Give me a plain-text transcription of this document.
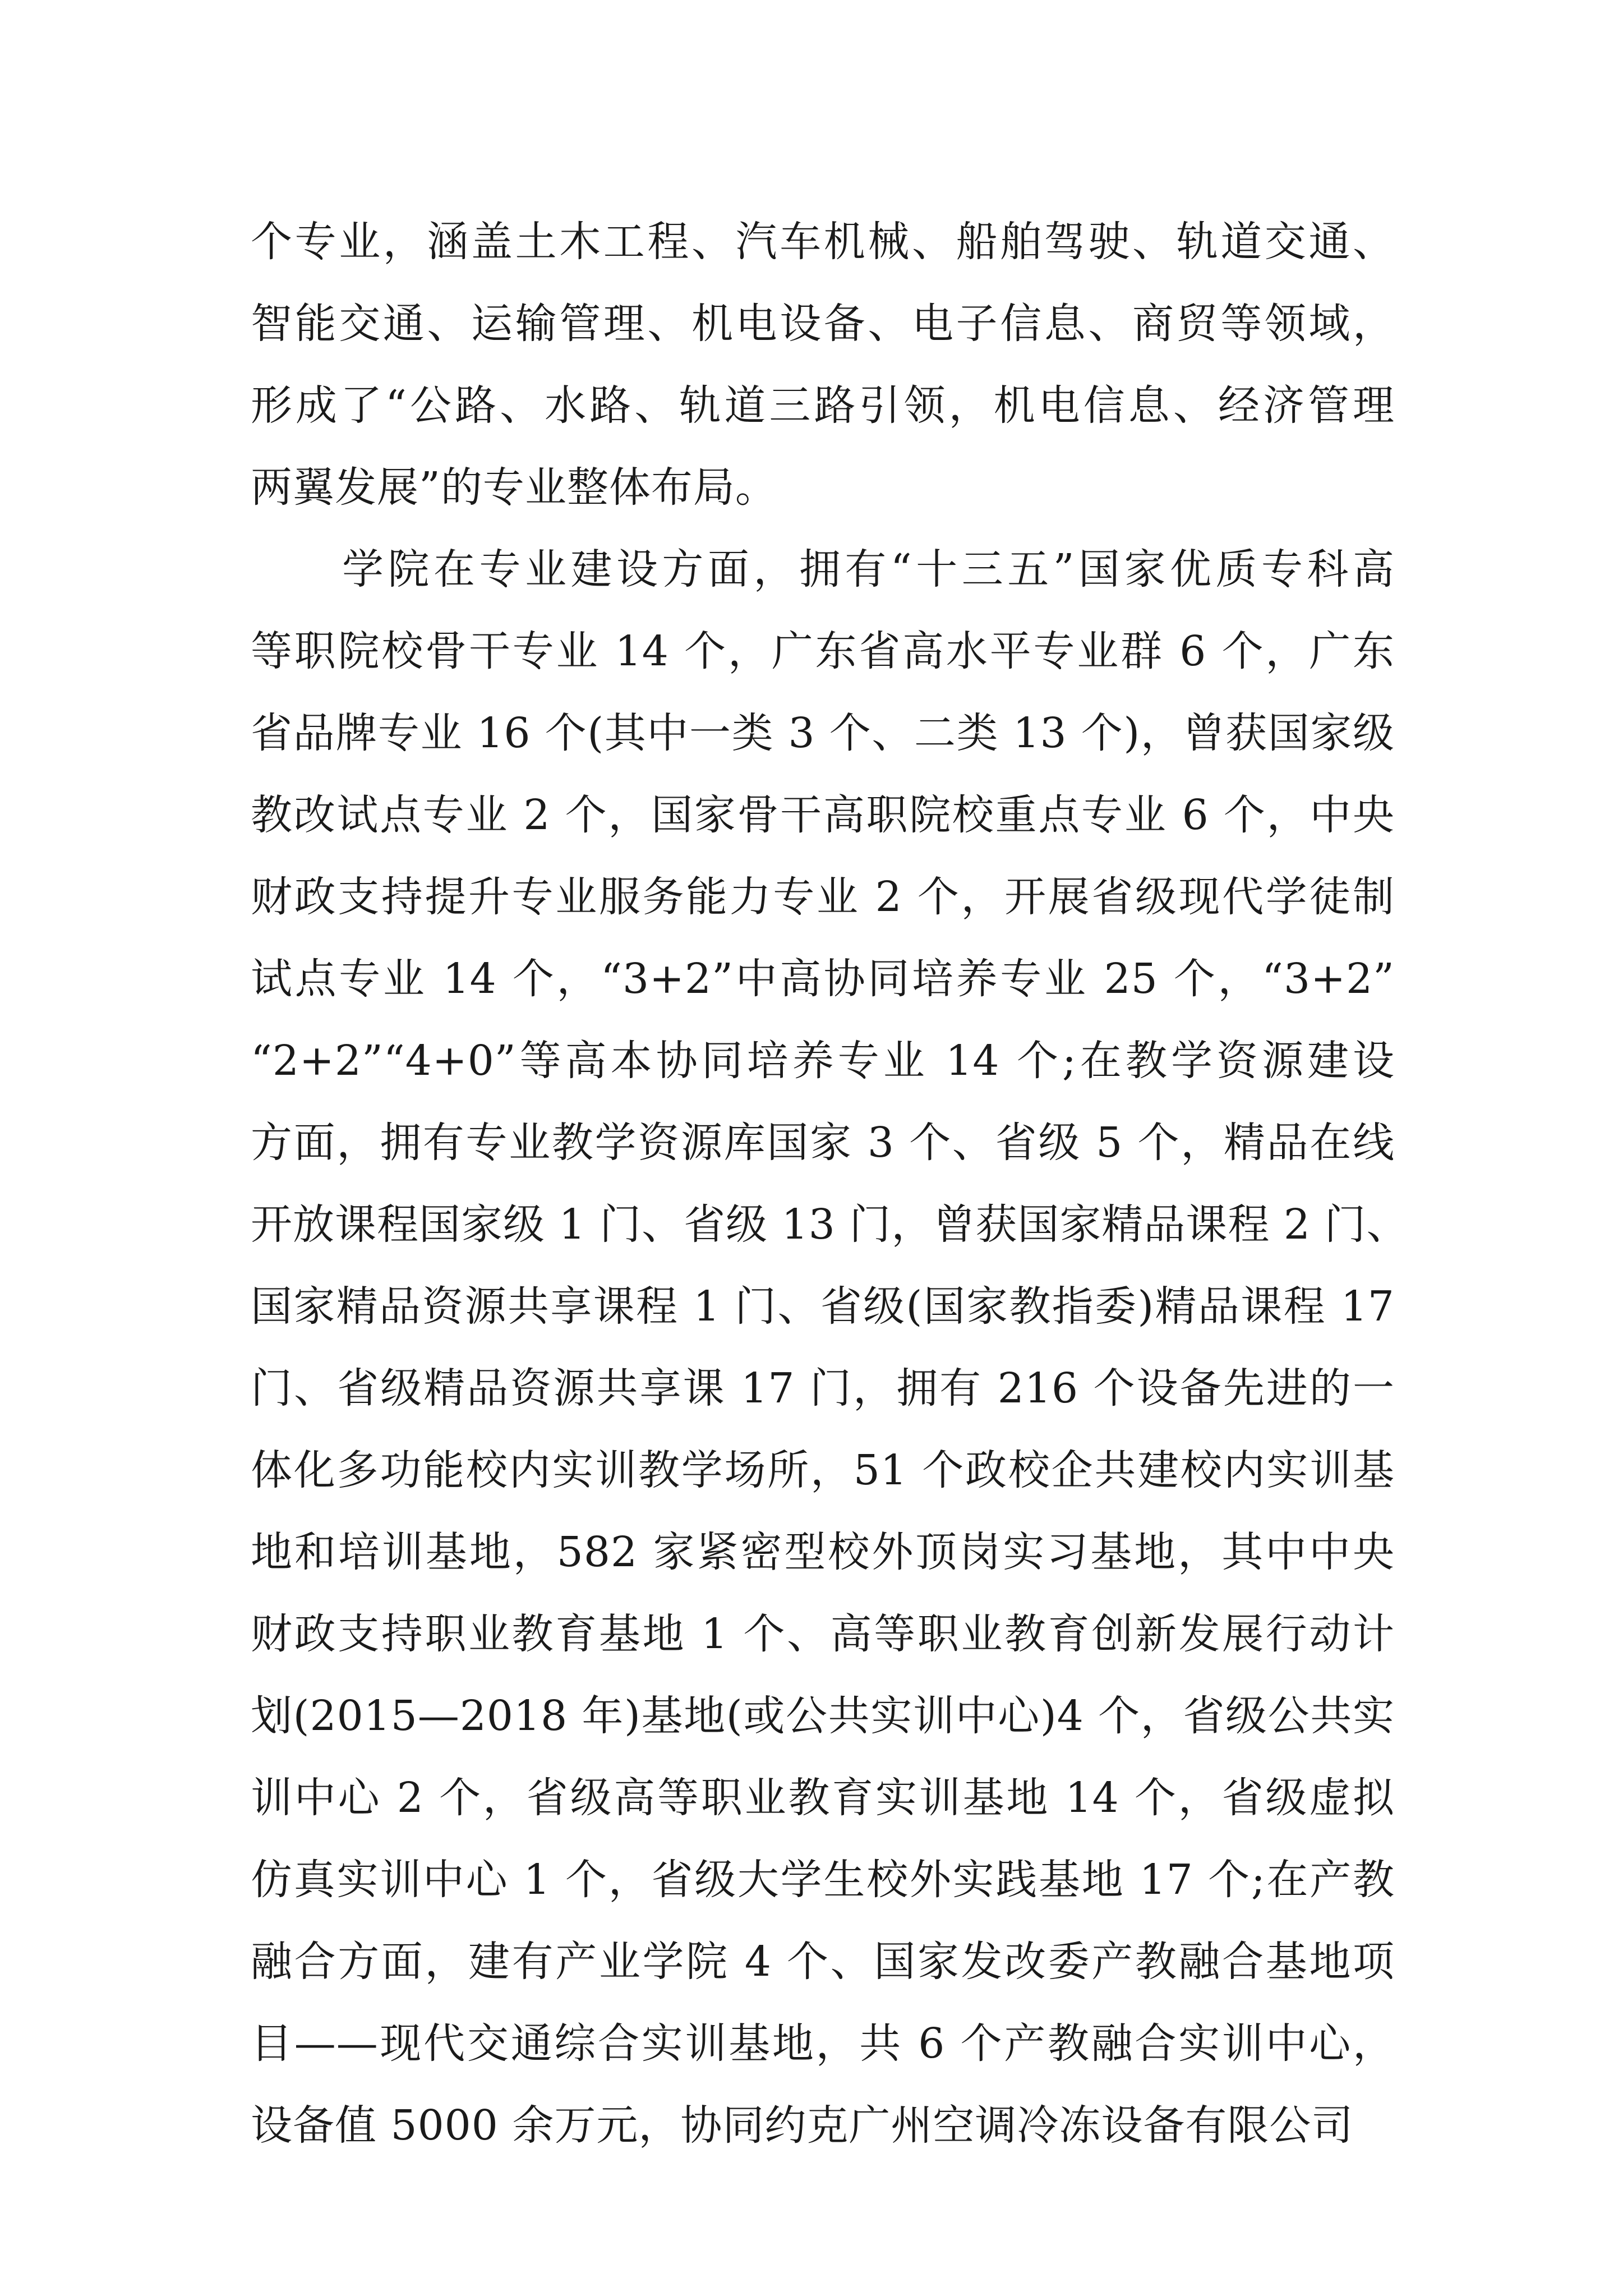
个专业，涵盖土木工程、汽车机械、船舶驾驶、轨道交通、
智能交通、运输管理、机电设备、电子信息、商贸等领域，
形成了“公路、水路、轨道三路引领，机电信息、经济管理
两翼发展”的专业整体布局。
　　学院在专业建设方面，拥有“十三五”国家优质专科高
等职院校骨干专业 14 个，广东省高水平专业群 6 个，广东
省品牌专业 16 个(其中一类 3 个、二类 13 个)，曾获国家级
教改试点专业 2 个，国家骨干高职院校重点专业 6 个，中央
财政支持提升专业服务能力专业 2 个，开展省级现代学徒制
试点专业 14 个，“3+2”中高协同培养专业 25 个，“3+2”
“2+2”“4+0”等高本协同培养专业 14 个;在教学资源建设
方面，拥有专业教学资源库国家 3 个、省级 5 个，精品在线
开放课程国家级 1 门、省级 13 门，曾获国家精品课程 2 门、
国家精品资源共享课程 1 门、省级(国家教指委)精品课程 17
门、省级精品资源共享课 17 门，拥有 216 个设备先进的一
体化多功能校内实训教学场所，51 个政校企共建校内实训基
地和培训基地，582 家紧密型校外顶岗实习基地，其中中央
财政支持职业教育基地 1 个、高等职业教育创新发展行动计
划(2015—2018 年)基地(或公共实训中心)4 个，省级公共实
训中心 2 个，省级高等职业教育实训基地 14 个，省级虚拟
仿真实训中心 1 个，省级大学生校外实践基地 17 个;在产教
融合方面，建有产业学院 4 个、国家发改委产教融合基地项
目——现代交通综合实训基地，共 6 个产教融合实训中心，
设备值 5000 余万元，协同约克广州空调冷冻设备有限公司
